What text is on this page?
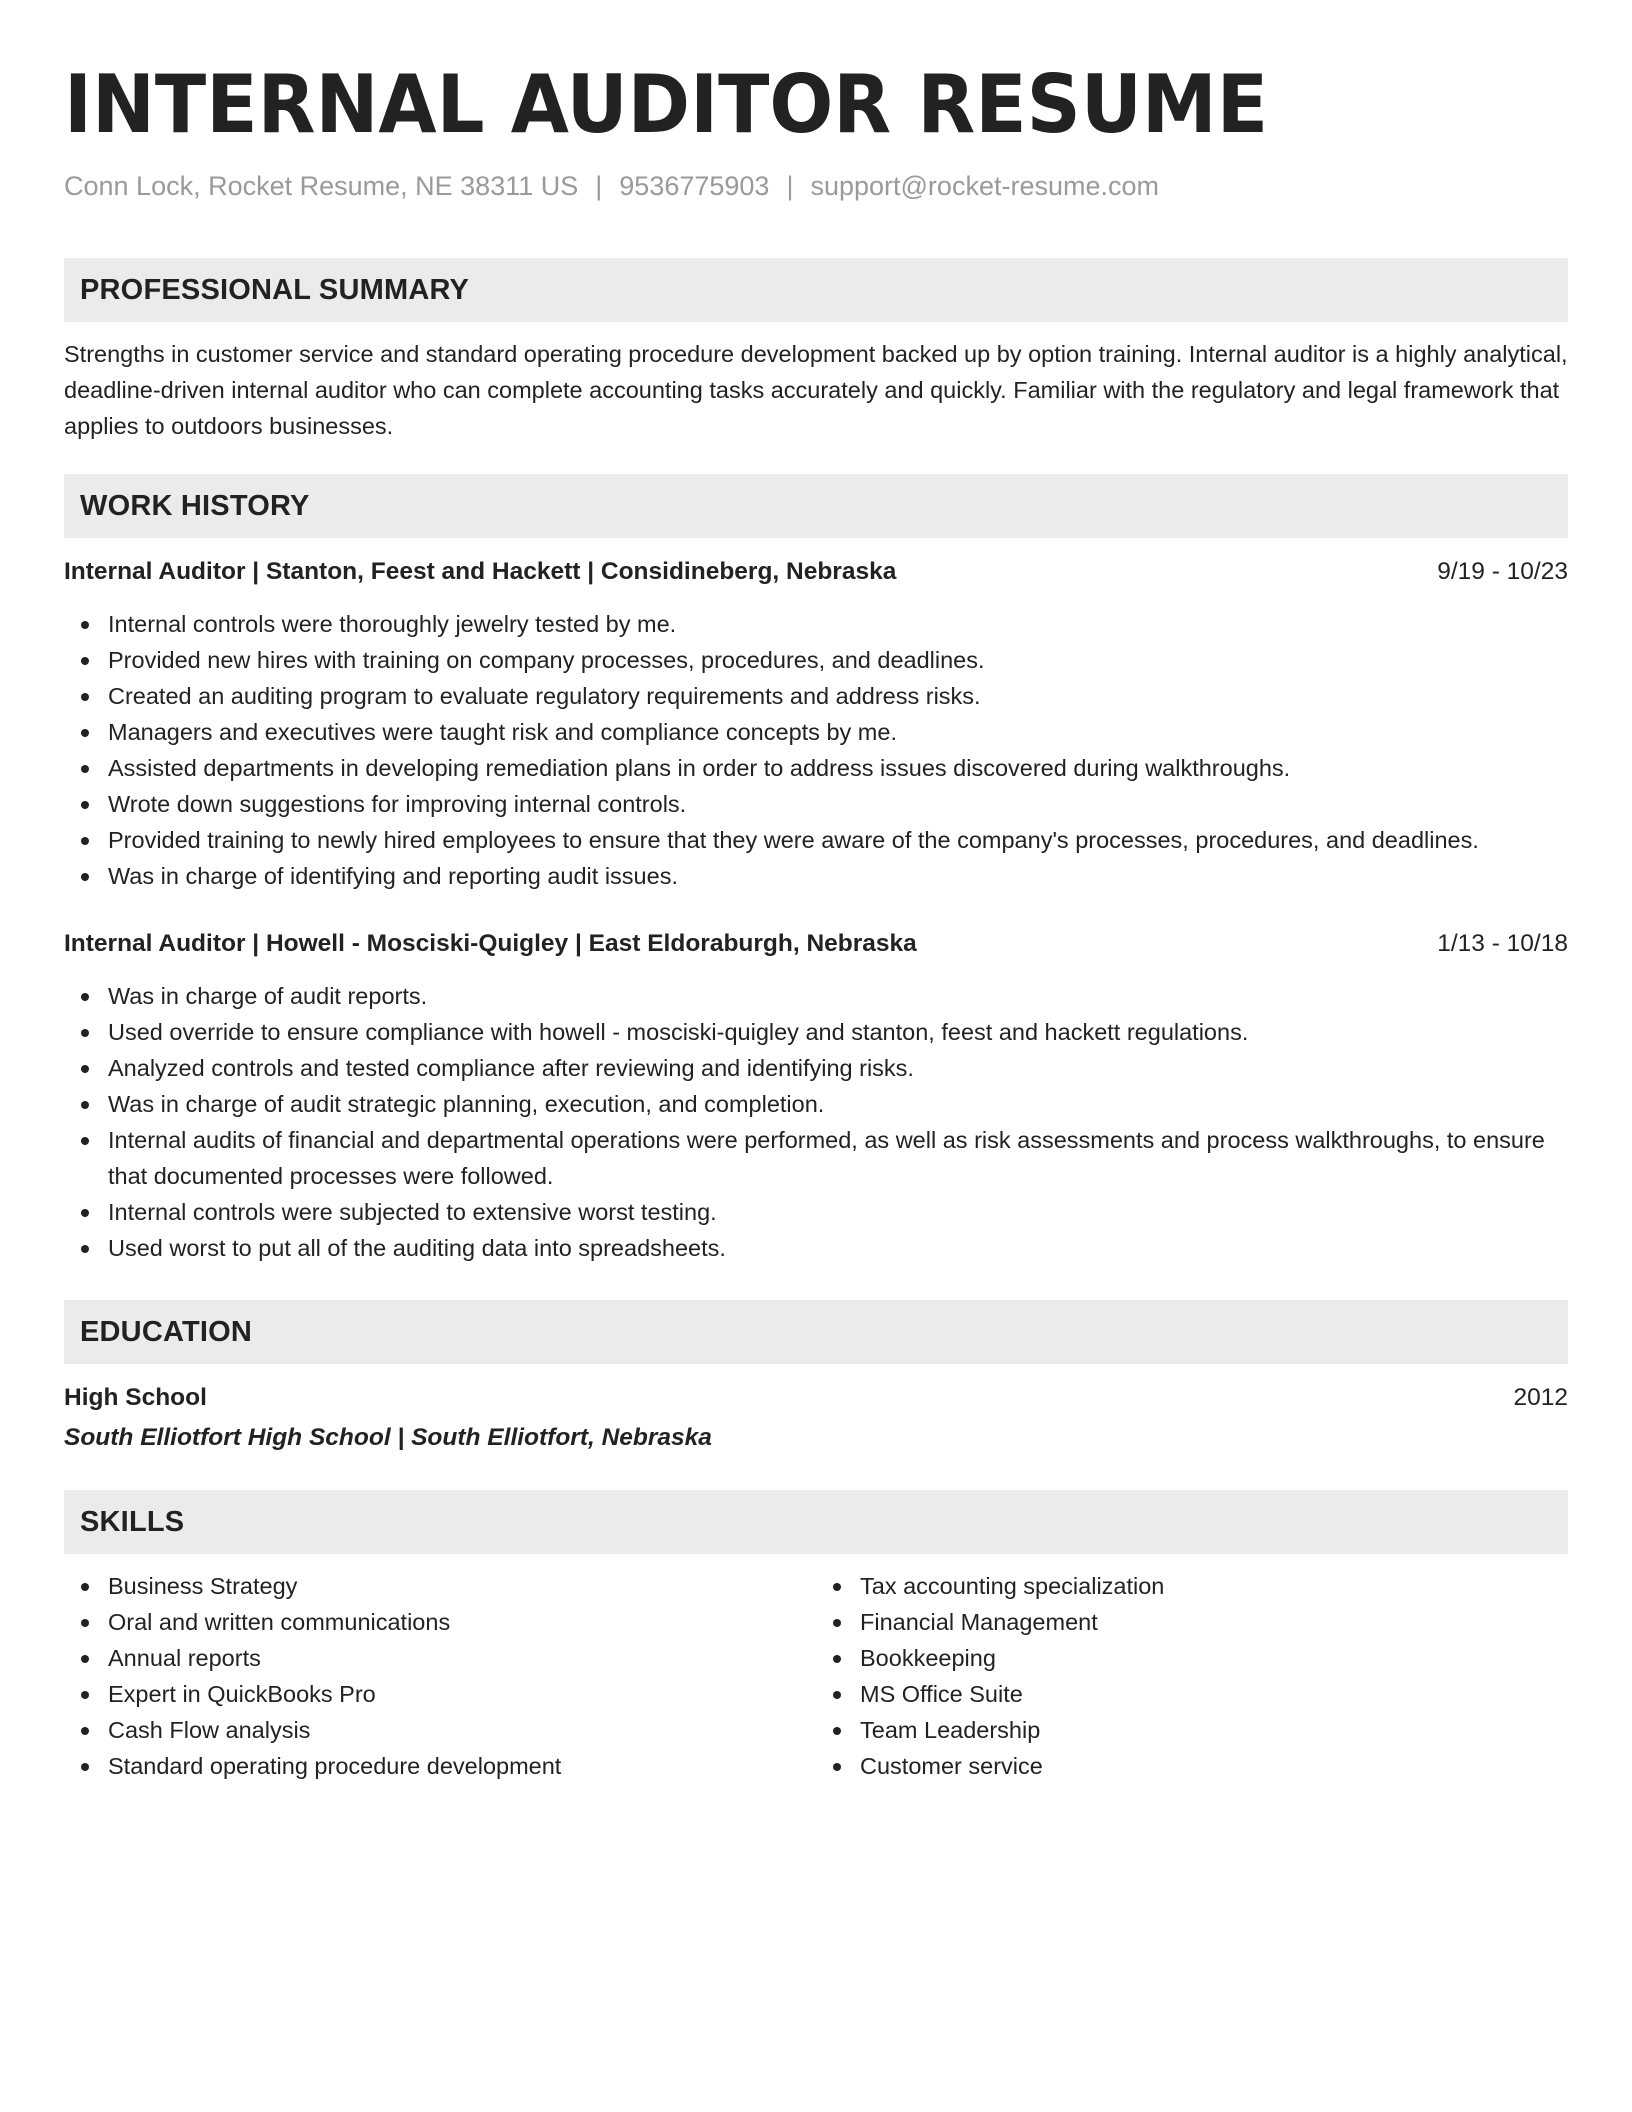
INTERNAL AUDITOR RESUME
Conn Lock, Rocket Resume, NE 38311 US | 9536775903 | support@rocket-resume.com
PROFESSIONAL SUMMARY

Strengths in customer service and standard operating procedure development backed up by option training. Internal auditor is a highly analytical, deadline-driven internal auditor who can complete accounting tasks accurately and quickly. Familiar with the regulatory and legal framework that applies to outdoors businesses.

WORK HISTORY
Internal Auditor | Stanton, Feest and Hackett | Considineberg, Nebraska	9/19 - 10/23
Internal controls were thoroughly jewelry tested by me.
Provided new hires with training on company processes, procedures, and deadlines.
Created an auditing program to evaluate regulatory requirements and address risks.
Managers and executives were taught risk and compliance concepts by me.
Assisted departments in developing remediation plans in order to address issues discovered during walkthroughs.
Wrote down suggestions for improving internal controls.
Provided training to newly hired employees to ensure that they were aware of the company's processes, procedures, and deadlines.
Was in charge of identifying and reporting audit issues.
Internal Auditor | Howell - Mosciski-Quigley | East Eldoraburgh, Nebraska	1/13 - 10/18
Was in charge of audit reports.
Used override to ensure compliance with howell - mosciski-quigley and stanton, feest and hackett regulations.
Analyzed controls and tested compliance after reviewing and identifying risks.
Was in charge of audit strategic planning, execution, and completion.
Internal audits of financial and departmental operations were performed, as well as risk assessments and process walkthroughs, to ensure that documented processes were followed.
Internal controls were subjected to extensive worst testing.
Used worst to put all of the auditing data into spreadsheets.
EDUCATION
High School	2012
South Elliotfort High School | South Elliotfort, Nebraska
SKILLS
Business Strategy
Oral and written communications
Annual reports
Expert in QuickBooks Pro
Cash Flow analysis
Standard operating procedure development
Tax accounting specialization
Financial Management
Bookkeeping
MS Office Suite
Team Leadership
Customer service
